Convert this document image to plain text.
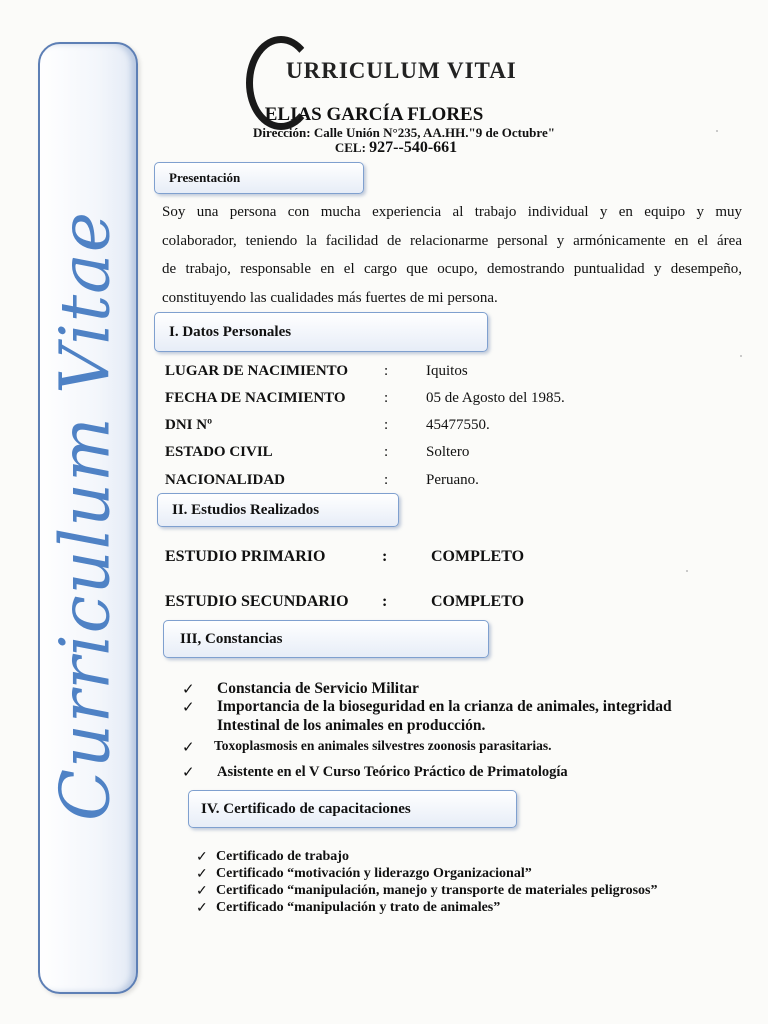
Curriculum Vitae
URRICULUM VITAI
ELIAS GARCÍA FLORES
Dirección: Calle Unión N°235, AA.HH."9 de Octubre"
CEL: 927--540-661
Presentación
Soy una persona con mucha experiencia al trabajo individual y en equipo y muy
colaborador, teniendo la facilidad de relacionarme personal y armónicamente en el área
de trabajo, responsable en el cargo que ocupo, demostrando puntualidad y desempeño,
constituyendo las cualidades más fuertes de mi persona.
I. Datos Personales
LUGAR DE NACIMIENTO :	Iquitos
FECHA DE NACIMIENTO	:	05 de Agosto del 1985.
DNI Nº	:	45477550.
ESTADO CIVIL	:	Soltero
NACIONALIDAD	:	Peruano.
II. Estudios Realizados
ESTUDIO PRIMARIO	:	COMPLETO
ESTUDIO SECUNDARIO :	COMPLETO
III, Constancias
✓ Constancia de Servicio Militar
✓ Importancia de la bioseguridad en la crianza de animales, integridad
Intestinal de los animales en producción.
✓ Toxoplasmosis en animales silvestres zoonosis parasitarias.
✓ Asistente en el V Curso Teórico Práctico de Primatología
IV. Certificado de capacitaciones
✓ Certificado de trabajo
✓ Certificado “motivación y liderazgo Organizacional”
✓ Certificado “manipulación, manejo y transporte de materiales peligrosos”
✓ Certificado “manipulación y trato de animales”
